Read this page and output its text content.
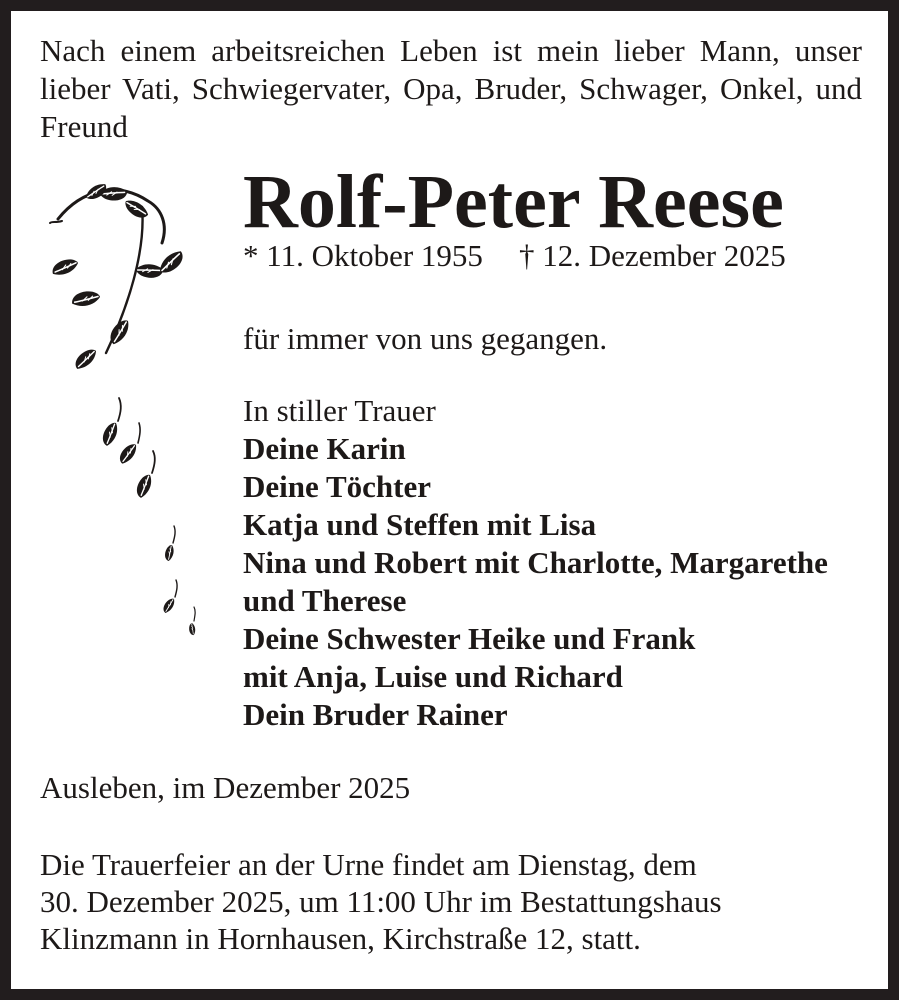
Nach einem arbeitsreichen Leben ist mein lieber Mann, unser
lieber Vati, Schwiegervater, Opa, Bruder, Schwager, Onkel, und
Freund
Rolf-Peter Reese
* 11. Oktober 1955 † 12. Dezember 2025
für immer von uns gegangen.
In stiller Trauer
Deine Karin
Deine Töchter
Katja und Steffen mit Lisa
Nina und Robert mit Charlotte, Margarethe
und Therese
Deine Schwester Heike und Frank
mit Anja, Luise und Richard
Dein Bruder Rainer
Ausleben, im Dezember 2025
Die Trauerfeier an der Urne findet am Dienstag, dem
30. Dezember 2025, um 11:00 Uhr im Bestattungshaus
Klinzmann in Hornhausen, Kirchstraße 12, statt.
